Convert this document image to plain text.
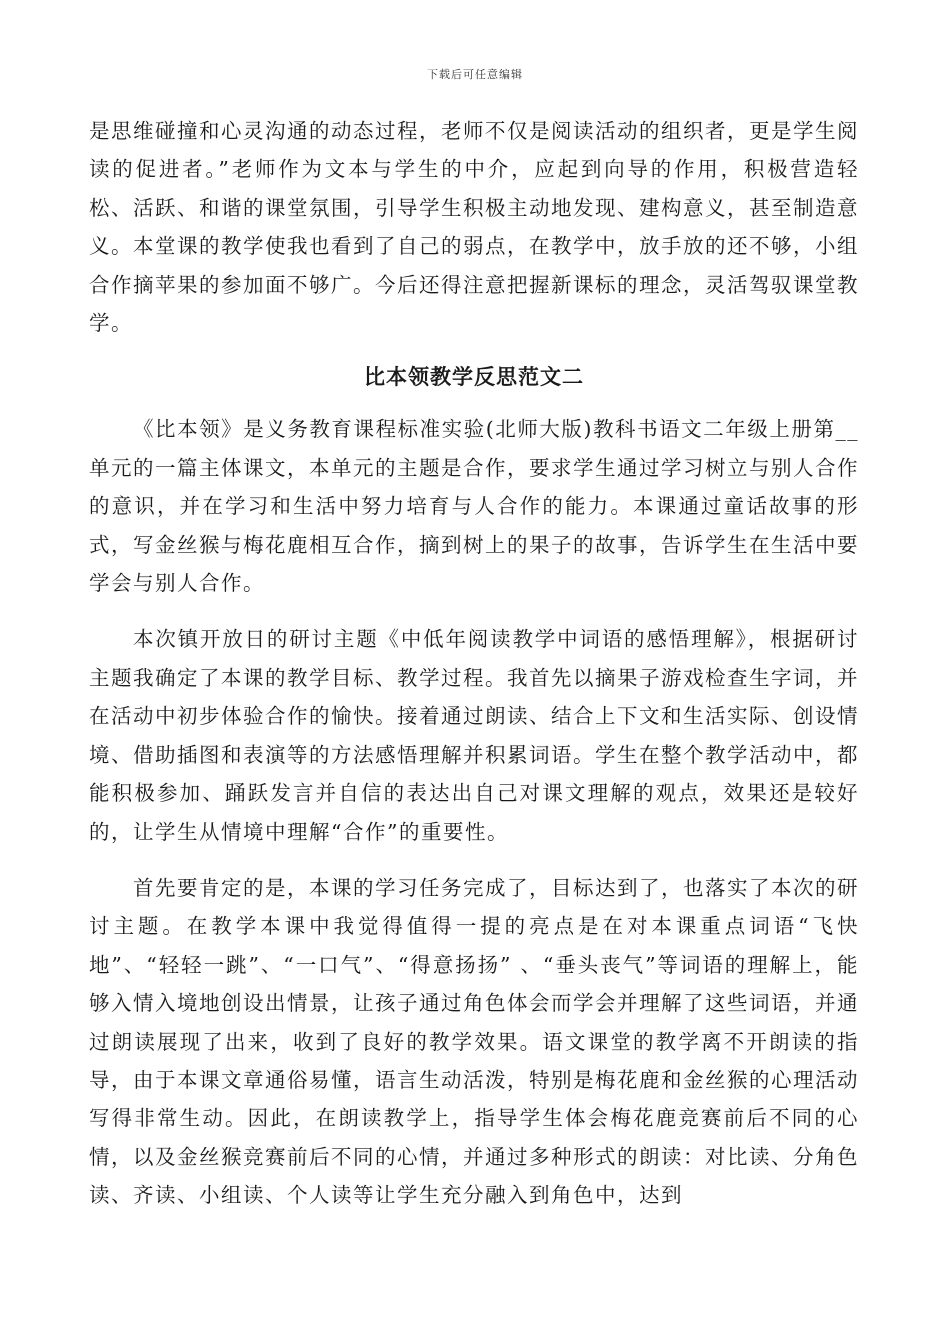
下载后可任意编辑

是思维碰撞和心灵沟通的动态过程，老师不仅是阅读活动的组织者，更是学生阅读的促进者。”老师作为文本与学生的中介，应起到向导的作用，积极营造轻松、活跃、和谐的课堂氛围，引导学生积极主动地发现、建构意义，甚至制造意义。本堂课的教学使我也看到了自己的弱点，在教学中，放手放的还不够，小组合作摘苹果的参加面不够广。今后还得注意把握新课标的理念，灵活驾驭课堂教学。

比本领教学反思范文二

《比本领》是义务教育课程标准实验(北师大版)教科书语文二年级上册第__单元的一篇主体课文，本单元的主题是合作，要求学生通过学习树立与别人合作的意识，并在学习和生活中努力培育与人合作的能力。本课通过童话故事的形式，写金丝猴与梅花鹿相互合作，摘到树上的果子的故事，告诉学生在生活中要学会与别人合作。

本次镇开放日的研讨主题《中低年阅读教学中词语的感悟理解》，根据研讨主题我确定了本课的教学目标、教学过程。我首先以摘果子游戏检查生字词，并在活动中初步体验合作的愉快。接着通过朗读、结合上下文和生活实际、创设情境、借助插图和表演等的方法感悟理解并积累词语。学生在整个教学活动中，都能积极参加、踊跃发言并自信的表达出自己对课文理解的观点，效果还是较好的，让学生从情境中理解“合作”的重要性。

首先要肯定的是，本课的学习任务完成了，目标达到了，也落实了本次的研讨主题。在教学本课中我觉得值得一提的亮点是在对本课重点词语“飞快地”、“轻轻一跳”、“一口气”、“得意扬扬” 、“垂头丧气”等词语的理解上，能够入情入境地创设出情景，让孩子通过角色体会而学会并理解了这些词语，并通过朗读展现了出来，收到了良好的教学效果。语文课堂的教学离不开朗读的指导，由于本课文章通俗易懂，语言生动活泼，特别是梅花鹿和金丝猴的心理活动写得非常生动。因此，在朗读教学上，指导学生体会梅花鹿竞赛前后不同的心情，以及金丝猴竞赛前后不同的心情，并通过多种形式的朗读：对比读、分角色读、齐读、小组读、个人读等让学生充分融入到角色中，达到
